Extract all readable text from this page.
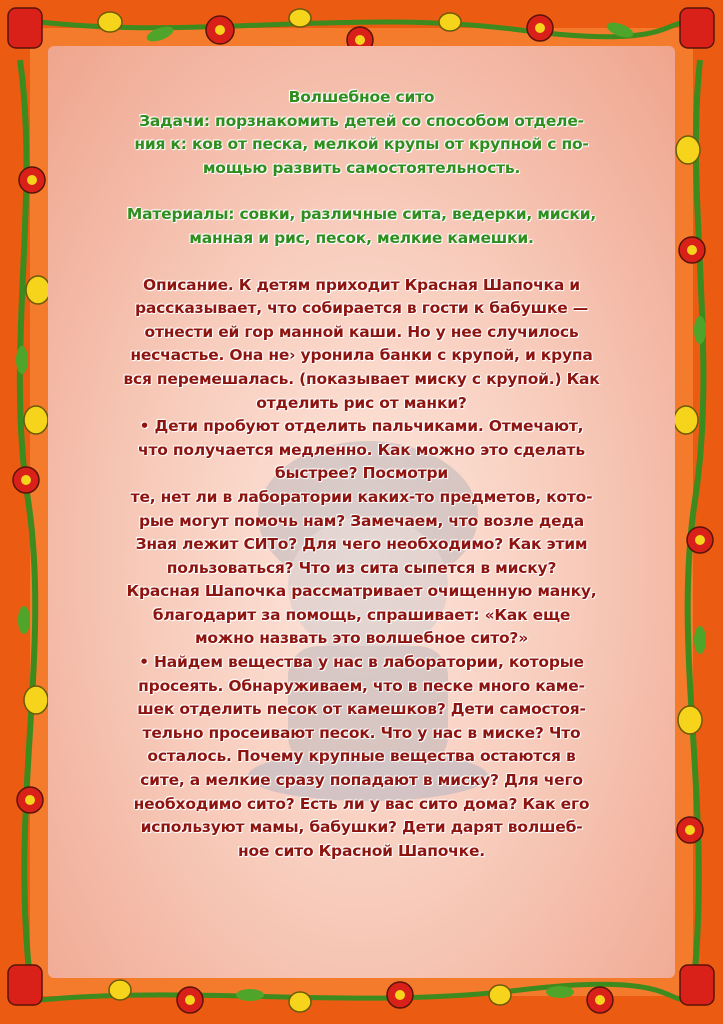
Волшебное сито

Задачи: порзнакомить детей со способом отделе-

ния к: ков от песка, мелкой крупы от крупной с по-

мощью развить самостоятельность.

Материалы: совки, различные сита, ведерки, миски,

манная и рис, песок, мелкие камешки.

Описание. К детям приходит Красная Шапочка и

рассказывает, что собирается в гости к бабушке —

отнести ей гор манной каши. Но у нее случилось

несчастье. Она не› уронила банки с крупой, и крупа

вся перемешалась. (показывает миску с крупой.) Как

отделить рис от манки?

• Дети пробуют отделить пальчиками. Отмечают,

что получается медленно. Как можно это сделать

быстрее? Посмотри

те, нет ли в лаборатории каких-то предметов, кото-

рые могут помочь нам? Замечаем, что возле деда

Зная лежит СИТо? Для чего необходимо? Как этим

пользоваться? Что из сита сыпется в миску?

Красная Шапочка рассматривает очищенную манку,

благодарит за помощь, спрашивает: «Как еще

можно назвать это волшебное сито?»

• Найдем вещества у нас в лаборатории, которые

просеять. Обнаруживаем, что в песке много каме-

шек отделить песок от камешков? Дети самостоя-

тельно просеивают песок. Что у нас в миске? Что

осталось. Почему крупные вещества остаются в

сите, а мелкие сразу попадают в миску? Для чего

необходимо сито? Есть ли у вас сито дома? Как его

используют мамы, бабушки? Дети дарят волшеб-

ное сито Красной Шапочке.
